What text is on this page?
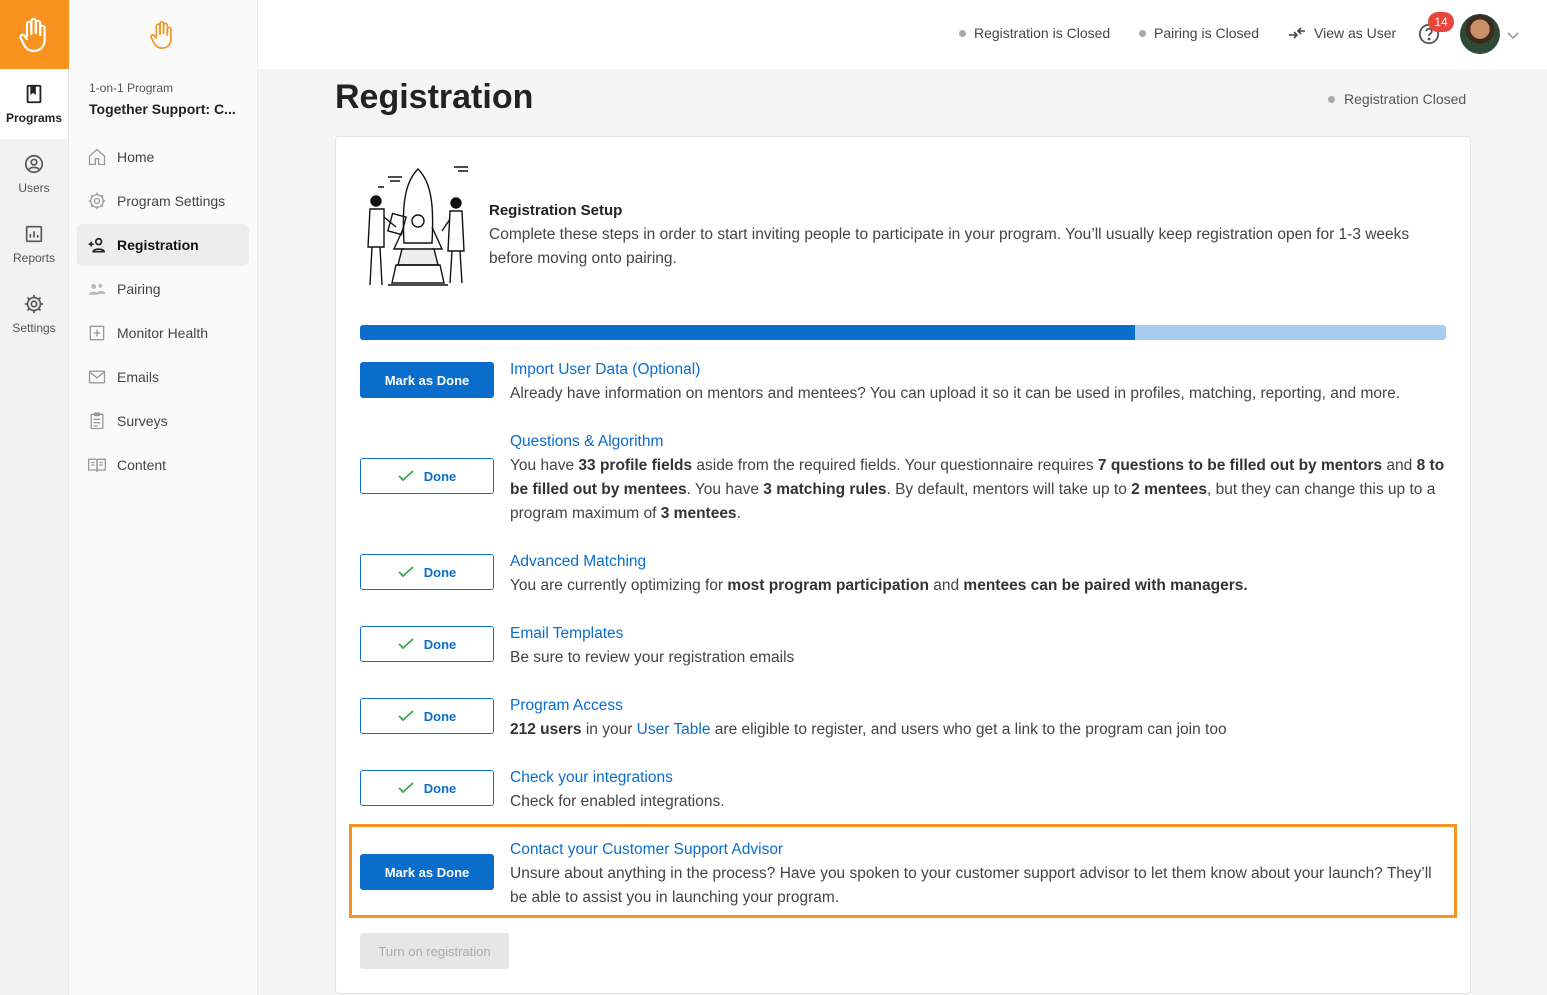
Programs
Users
Reports
Settings
1-on-1 Program
Together Support: C...
Home
Program Settings
Registration
Pairing
Monitor Health
Emails
Surveys
Content
Registration is Closed	Pairing is Closed	View as User
14
Registration	Registration Closed
Registration Setup
Complete these steps in order to start inviting people to participate in your program. You’ll usually keep registration open for 1-3 weeks before moving onto pairing.
Mark as Done
Import User Data (Optional)
Already have information on mentors and mentees? You can upload it so it can be used in profiles, matching, reporting, and more.
Done
Questions & Algorithm
You have 33 profile fields aside from the required fields. Your questionnaire requires 7 questions to be filled out by mentors and 8 to be filled out by mentees. You have 3 matching rules. By default, mentors will take up to 2 mentees, but they can change this up to a program maximum of 3 mentees.
Done
Advanced Matching
You are currently optimizing for most program participation and mentees can be paired with managers.
Done
Email Templates
Be sure to review your registration emails
Done
Program Access
212 users in your User Table are eligible to register, and users who get a link to the program can join too
Done
Check your integrations
Check for enabled integrations.
Mark as Done
Contact your Customer Support Advisor
Unsure about anything in the process? Have you spoken to your customer support advisor to let them know about your launch? They’ll be able to assist you in launching your program.
Turn on registration
